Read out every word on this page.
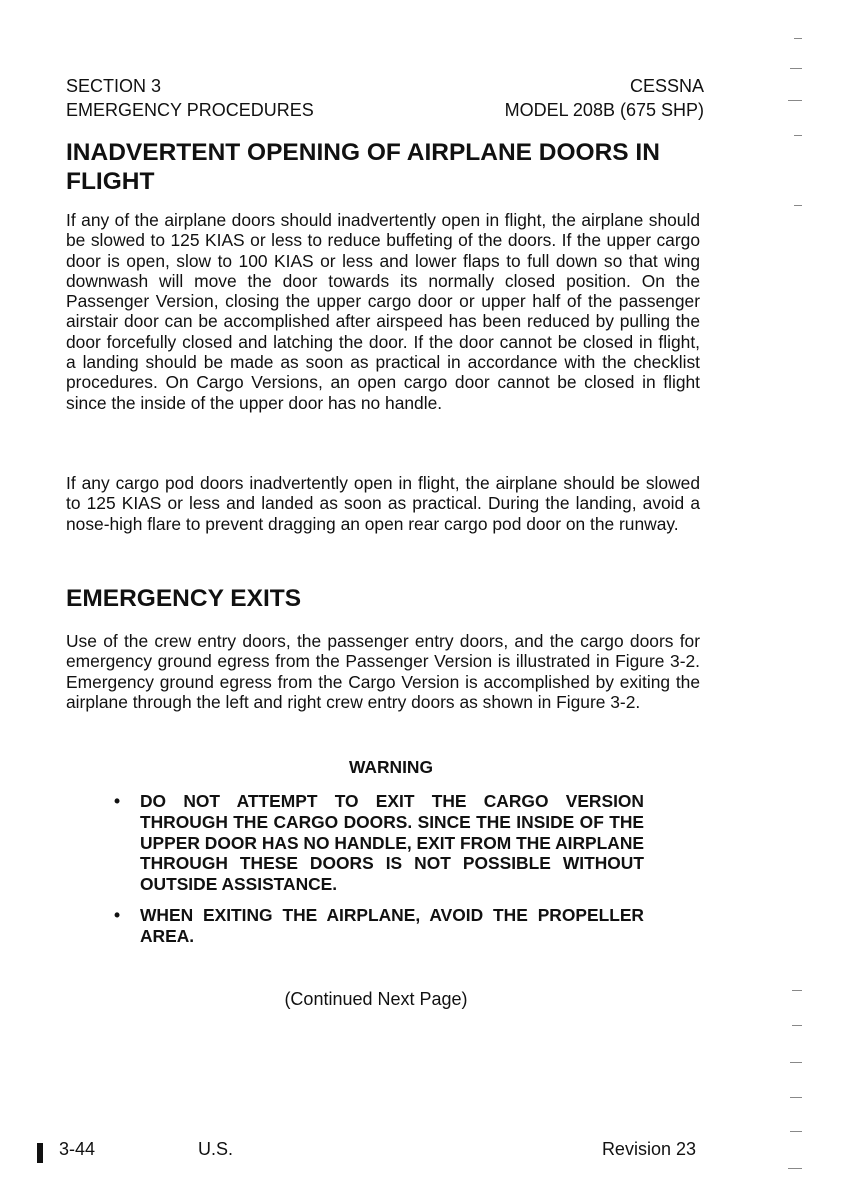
SECTION 3	CESSNA
EMERGENCY PROCEDURES	MODEL 208B (675 SHP)
INADVERTENT OPENING OF AIRPLANE DOORS IN FLIGHT

If any of the airplane doors should inadvertently open in flight, the airplane should be slowed to 125 KIAS or less to reduce buffeting of the doors. If the upper cargo door is open, slow to 100 KIAS or less and lower flaps to full down so that wing downwash will move the door towards its normally closed position. On the Passenger Version, closing the upper cargo door or upper half of the passenger airstair door can be accomplished after airspeed has been reduced by pulling the door forcefully closed and latching the door. If the door cannot be closed in flight, a landing should be made as soon as practical in accordance with the checklist procedures. On Cargo Versions, an open cargo door cannot be closed in flight since the inside of the upper door has no handle.

If any cargo pod doors inadvertently open in flight, the airplane should be slowed to 125 KIAS or less and landed as soon as practical. During the landing, avoid a nose-high flare to prevent dragging an open rear cargo pod door on the runway.

EMERGENCY EXITS

Use of the crew entry doors, the passenger entry doors, and the cargo doors for emergency ground egress from the Passenger Version is illustrated in Figure 3-2. Emergency ground egress from the Cargo Version is accomplished by exiting the airplane through the left and right crew entry doors as shown in Figure 3-2.

WARNING
• DO NOT ATTEMPT TO EXIT THE CARGO VERSION THROUGH THE CARGO DOORS. SINCE THE INSIDE OF THE UPPER DOOR HAS NO HANDLE, EXIT FROM THE AIRPLANE THROUGH THESE DOORS IS NOT POSSIBLE WITHOUT OUTSIDE ASSISTANCE.
• WHEN EXITING THE AIRPLANE, AVOID THE PROPELLER AREA.
(Continued Next Page)
3-44	U.S.	Revision 23
